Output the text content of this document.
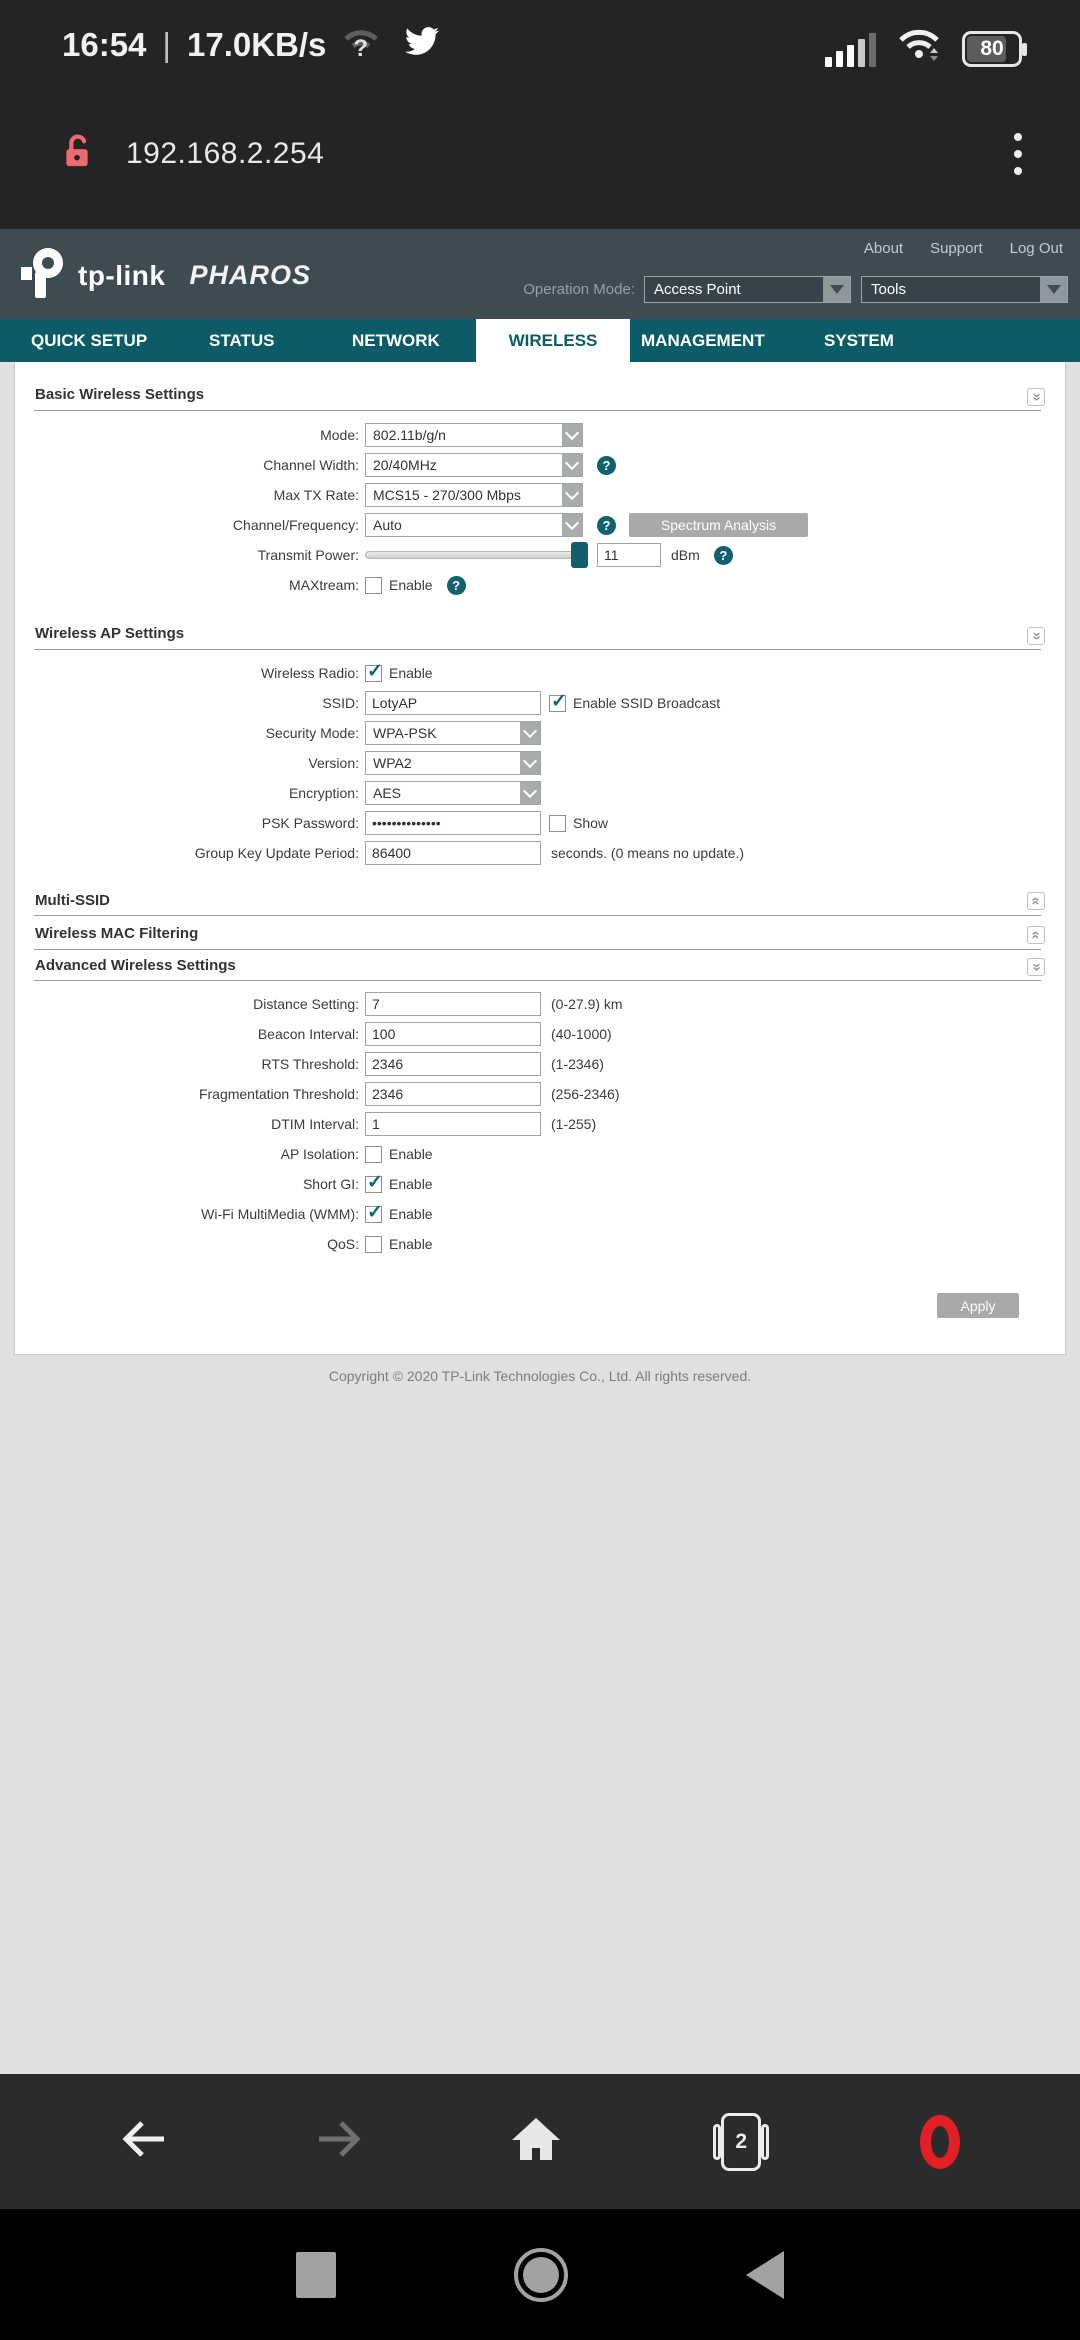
16:54 | 17.0KB/s ?	80
192.168.2.254
About Support Log Out
tp-link PHAROS	Operation Mode: Access Point	Tools
QUICK SETUP	STATUS	NETWORK	WIRELESS	MANAGEMENT	SYSTEM
Basic Wireless Settings	«
Mode: 802.11b/g/n
Channel Width: 20/40MHz	?
Max TX Rate: MCS15 - 270/300 Mbps
Channel/Frequency: Auto	?	Spectrum Analysis
Transmit Power:
11	dBm	?
MAXtream: Enable	?
Wireless AP Settings	«
Wireless Radio: ✓ Enable
SSID:
LotyAP	✓ Enable SSID Broadcast
Security Mode: WPA-PSK
Version: WPA2
Encryption: AES
PSK Password:
••••••••••••••	Show
Group Key Update Period:
86400	seconds. (0 means no update.)
Multi-SSID	«
Wireless MAC Filtering	«
Advanced Wireless Settings	«
Distance Setting:
7	(0-27.9) km
Beacon Interval:
100	(40-1000)
RTS Threshold:
2346	(1-2346)
Fragmentation Threshold:
2346	(256-2346)
DTIM Interval:
1	(1-255)
AP Isolation: Enable
Short GI: ✓ Enable
Wi-Fi MultiMedia (WMM): ✓ Enable
QoS: Enable
Apply
Copyright © 2020 TP-Link Technologies Co., Ltd. All rights reserved.
2
